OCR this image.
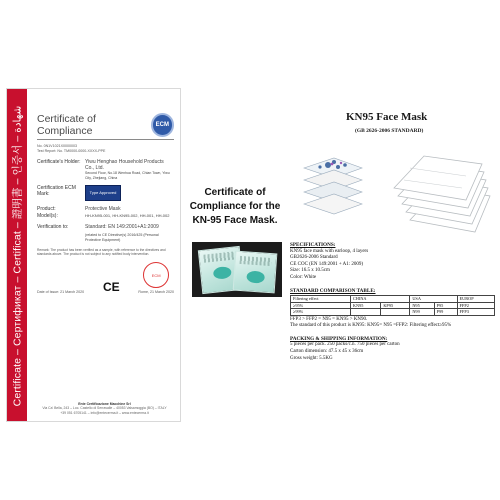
Certificate – Сертификат – Certificat – 證明書 – 인증서 – شهادة Certificate of Compliance	ECM
No. 0N1V1021X0000003
Test Report: No. TM0000-0000-XXXX-PPE
Certificate's Holder: Yiwu Henghao Household Products Co., Ltd.
Second Floor, No.18 Wenhua Road, Chian Town, Yiwu City, Zhejiang, China
Certification ECM Mark:	Type Approved
Product:	Protective Mask
Model(s):	HH-KN95-001, HH-KN95-002, HH-001, HH-002
Verification to:	Standard: EN 149:2001+A1:2009
(related to CE Directive(s) 2016/425 (Personal Protective Equipment)
Remark: The product has been verified as a sample, with reference to the directives and standards above. The product is not subject to any notified body intervention.
Date of Issue: 21 March 2020 CE
ECM
Rome, 21 March 2020
Ente Certificazione Macchine Srl
Via Ca' Bella, 243 – Loc. Castello di Serravalle – 40053 Valsamoggia (BO) – ITALY
+39 051 6705141 – info@entecerma.it – www.entecerma.it
Certificate of Compliance for the KN-95 Face Mask.
KN95 Face Mask
(GB 2626-2006 STANDARD)
SPECIFICATIONS:
KN95 face mask with earloop, 4 layers
GB2626-2006 Standard
CE COC (EN 149:2001 + A1: 2009)
Size: 16.5 x 10.5cm
Color: White
STANDARD COMPARISON TABLE:
Filtering effect	CHINA		USA		EUROP
≥95%	KN95	KP95	N95	P95	FFP2
≥99%			N99	P99	FFP3
FFP3 > FFP2 = N95 = KN95 > KN90.
The standard of this product is KN95: KN95= N95 =FFP2: Filtering effect≥95%
PACKING & SHIPPING INFORMATION:
5 pieces per pack. 250 packs/c.n. 750 pieces per carton
Carton dimension: 47.5 x 45 x 36cm
Gross weight: 5.5KG
